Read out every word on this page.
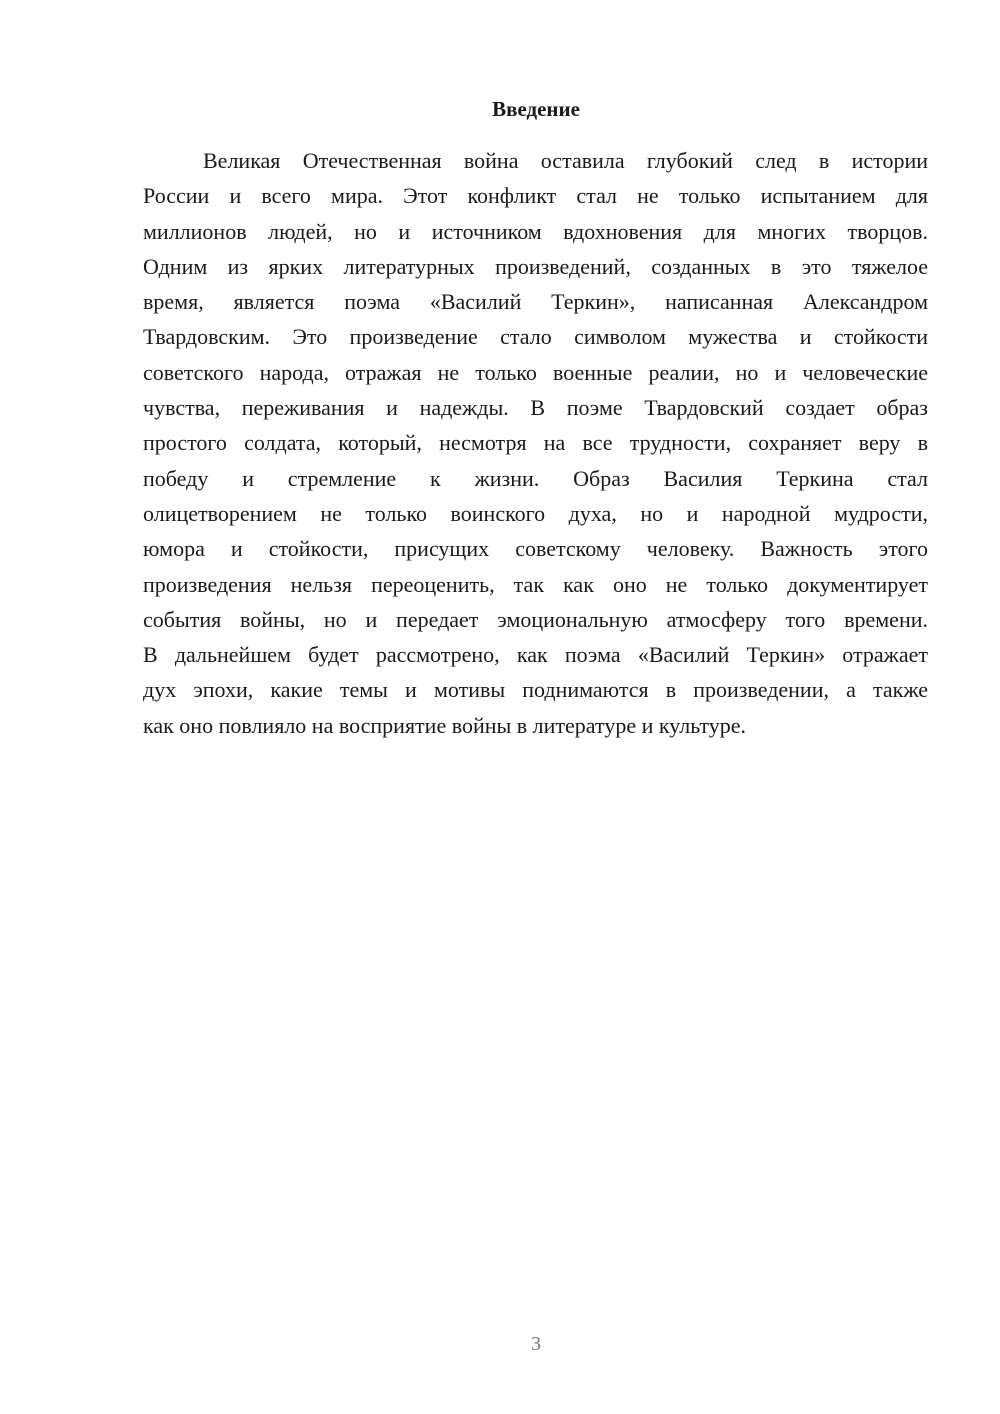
Введение
Великая Отечественная война оставила глубокий след в истории
России и всего мира. Этот конфликт стал не только испытанием для
миллионов людей, но и источником вдохновения для многих творцов.
Одним из ярких литературных произведений, созданных в это тяжелое
время, является поэма «Василий Теркин», написанная Александром
Твардовским. Это произведение стало символом мужества и стойкости
советского народа, отражая не только военные реалии, но и человеческие
чувства, переживания и надежды. В поэме Твардовский создает образ
простого солдата, который, несмотря на все трудности, сохраняет веру в
победу и стремление к жизни. Образ Василия Теркина стал
олицетворением не только воинского духа, но и народной мудрости,
юмора и стойкости, присущих советскому человеку. Важность этого
произведения нельзя переоценить, так как оно не только документирует
события войны, но и передает эмоциональную атмосферу того времени.
В дальнейшем будет рассмотрено, как поэма «Василий Теркин» отражает
дух эпохи, какие темы и мотивы поднимаются в произведении, а также
как оно повлияло на восприятие войны в литературе и культуре.
3
